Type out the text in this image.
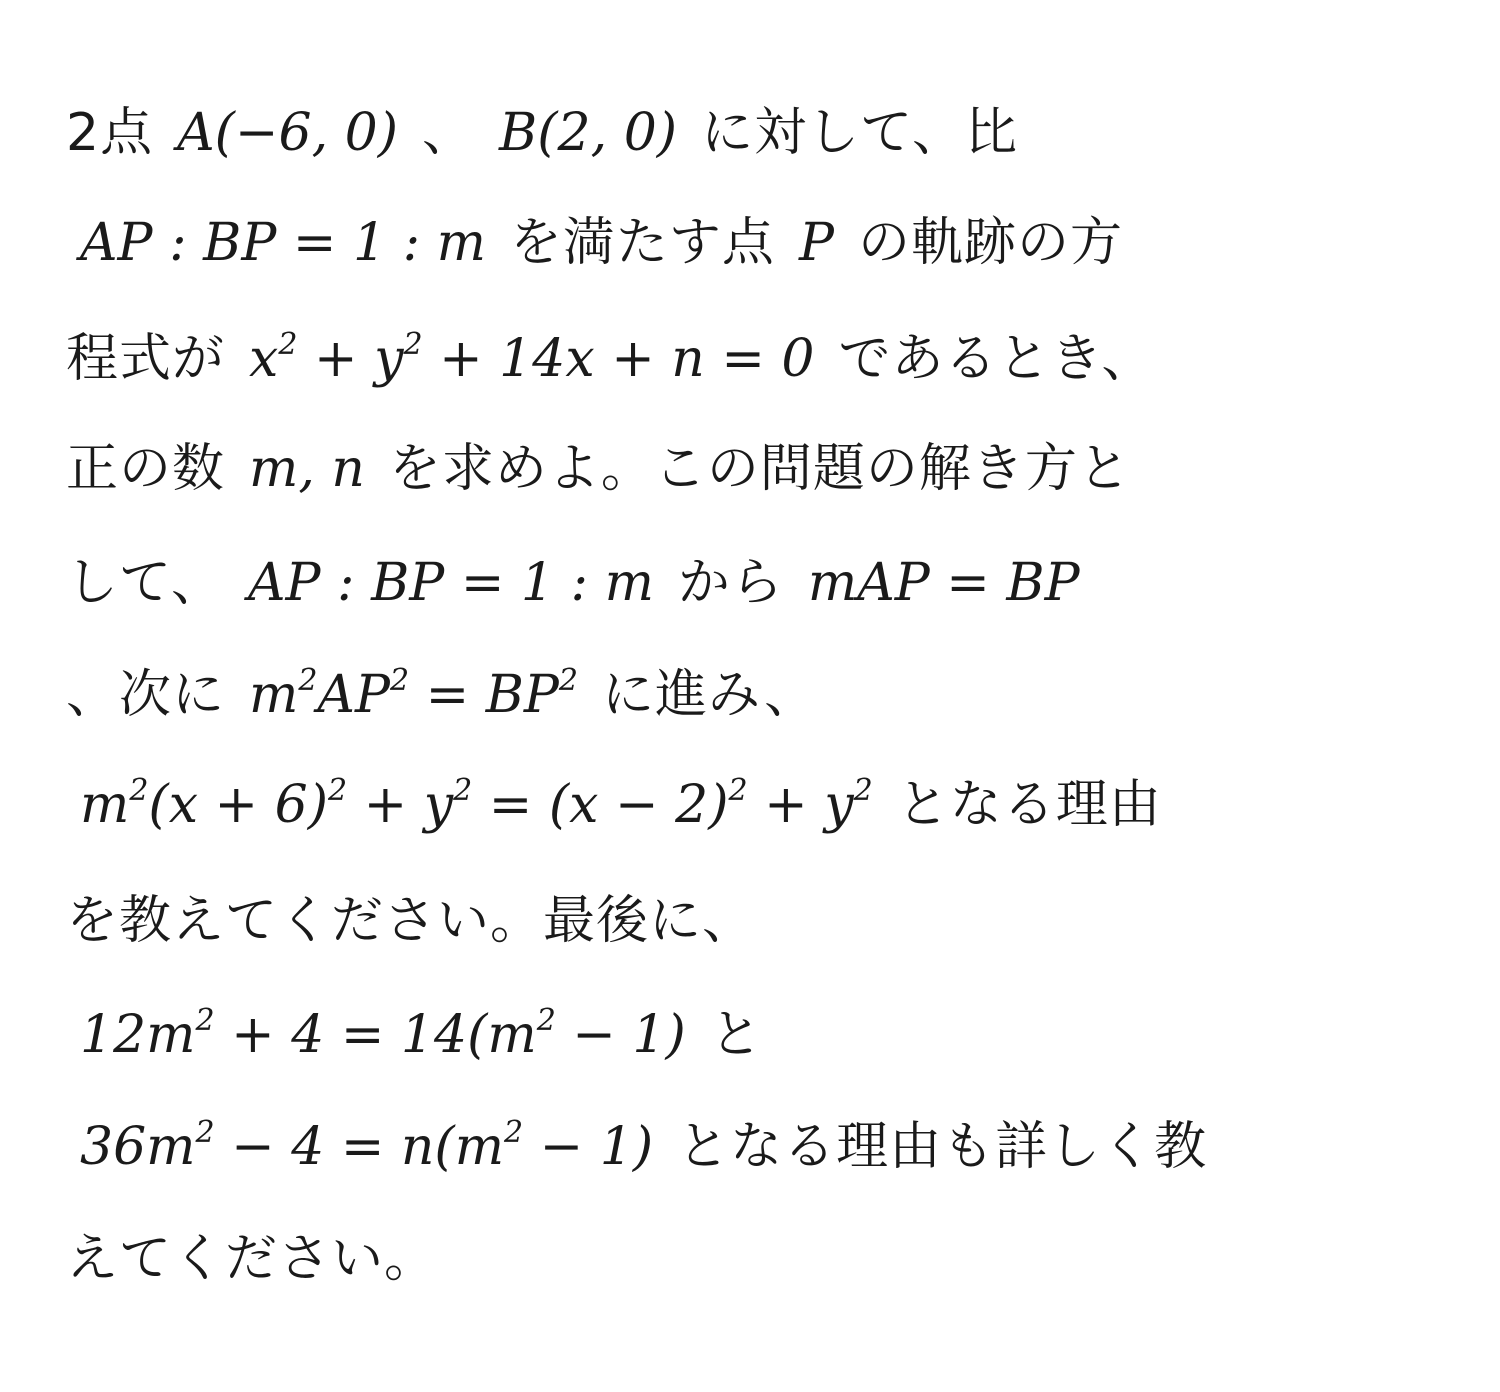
2点 A(−6, 0) 、 B(2, 0) に対して、比
AP : BP = 1 : m を満たす点 P の軌跡の方
程式が $x^2 + y^2 + 14x + n = 0$ であるとき、
正の数 m, n を求めよ。この問題の解き方と
して、 AP : BP = 1 : m から mAP = BP
、次に $m^2AP^2 = BP^2$ に進み、
$m^2(x + 6)^2 + y^2 = (x - 2)^2 + y^2$ となる理由
を教えてください。最後に、
$12m^2 + 4 = 14(m^2 - 1)$ と
$36m^2 - 4 = n(m^2 - 1)$ となる理由も詳しく教
えてください。
